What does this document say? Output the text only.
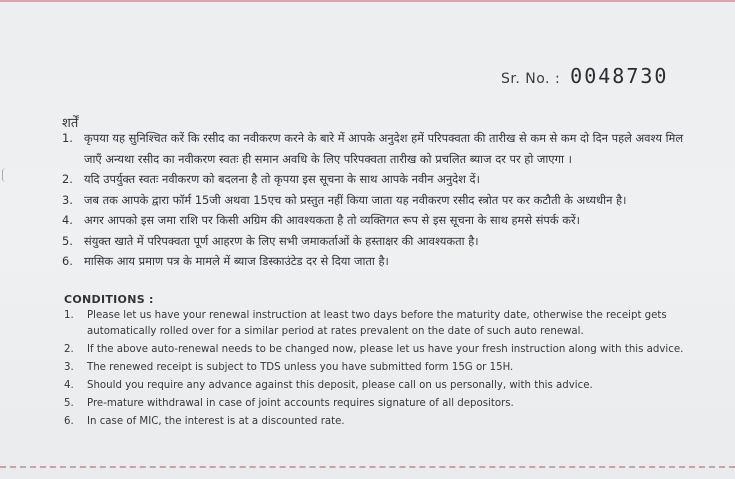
Sr. No. : 0048730
शर्तें
1. कृपया यह सुनिश्चित करें कि रसीद का नवीकरण करने के बारे में आपके अनुदेश हमें परिपक्वता की तारीख से कम से कम दो दिन पहले अवश्य मिल जाएँ अन्यथा रसीद का नवीकरण स्वतः ही समान अवधि के लिए परिपक्वता तारीख को प्रचलित ब्याज दर पर हो जाएगा ।
2. यदि उपर्युक्त स्वतः नवीकरण को बदलना है तो कृपया इस सूचना के साथ आपके नवीन अनुदेश दें।
3. जब तक आपके द्वारा फॉर्म 15जी अथवा 15एच को प्रस्तुत नहीं किया जाता यह नवीकरण रसीद स्त्रोत पर कर कटौती के अध्यधीन है।
4. अगर आपको इस जमा राशि पर किसी अग्रिम की आवश्यकता है तो व्यक्तिगत रूप से इस सूचना के साथ हमसे संपर्क करें।
5. संयुक्त खाते में परिपक्वता पूर्ण आहरण के लिए सभी जमाकर्ताओं के हस्ताक्षर की आवश्यकता है।
6. मासिक आय प्रमाण पत्र के मामले में ब्याज डिस्काउंटेड दर से दिया जाता है।
CONDITIONS :
1.	Please let us have your renewal instruction at least two days before the maturity date, otherwise the receipt gets automatically rolled over for a similar period at rates prevalent on the date of such auto renewal.
2.	If the above auto-renewal needs to be changed now, please let us have your fresh instruction along with this advice.
3.	The renewed receipt is subject to TDS unless you have submitted form 15G or 15H.
4.	Should you require any advance against this deposit, please call on us personally, with this advice.
5.	Pre-mature withdrawal in case of joint accounts requires signature of all depositors.
6.	In case of MIC, the interest is at a discounted rate.
